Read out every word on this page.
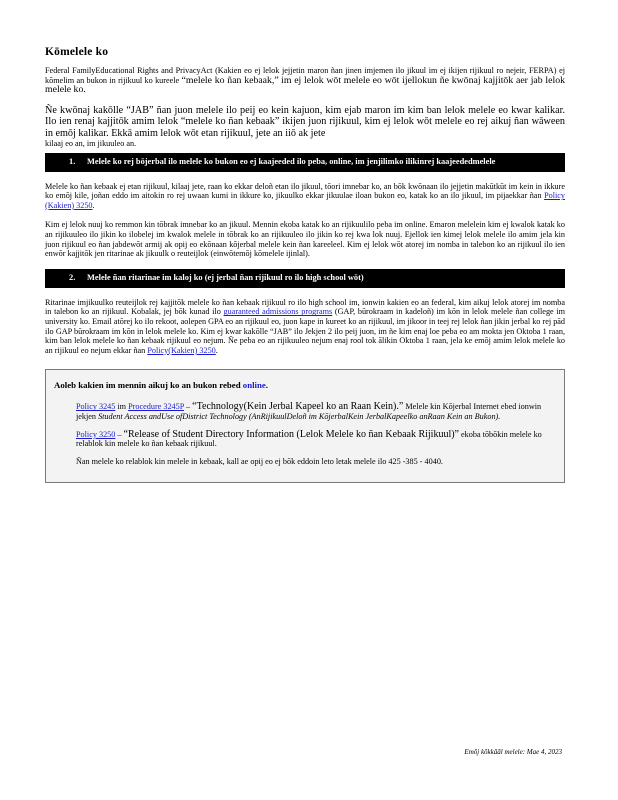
Kōmelele ko

Federal FamilyEducational Rights and PrivacyAct (Kakien eo ej lelok jejjetin maron ñan jinen imjemen ilo jikuul im ej ikijen rijikuul ro nejeir, FERPA) ej kōmelim an bukon in rijikuul ko kureele “melele ko ñan kebaak,” im ej lelok wōt melele eo wōt ijellokun ñe kwōnaj kajjitōk aer jab lelok melele ko.

Ñe kwōnaj kakōlle “JAB” ñan juon melele ilo peij eo kein kajuon, kim ejab maron im kim ban lelok melele eo kwar kalikar. Ilo ien renaj kajjitōk amim lelok “melele ko ñan kebaak” ikijen juon rijikuul, kim ej lelok wōt melele eo rej aikuj ñan wāween in emōj kalikar. Ekkā amim lelok wōt etan rijikuul, jete an iiō ak jete

kilaaj eo an, im jikuuleo an.

1.	Melele ko rej bōjerbal ilo melele ko bukon eo ej kaajeeded ilo peba, online, im jenjilimko ilikinrej kaajeededmelele

Melele ko ñan kebaak ej etan rijikuul, kilaaj jete, raan ko ekkar deloñ etan ilo jikuul, tōori imnebar ko, an bōk kwōnaan ilo jejjetin makūtkūt im kein in ikkure ko emōj kile, joñan eddo im aitokin ro rej uwaan kumi in ikkure ko, jikuulko ekkar jikuulae iloan bukon eo, katak ko an ilo jikuul, im pijaekkar ñan Policy (Kakien) 3250.

Kim ej lelok nuuj ko remmon kin tōbrak imnebar ko an jikuul. Mennin ekoba katak ko an rijikuulilo peba im online. Emaron melelein kim ej kwalok katak ko an rijikuuleo ilo jikin ko ilobelej im kwalok melele in tōbrak ko an rijikuuleo ilo jikin ko rej kwa lok nuuj. Ejellok ien kimej lelok melele ilo amim jela kin juon rijikuul eo ñan jabdewōt armij ak opij eo ekōnaan kōjerbal melele kein ñan kareeleel. Kim ej lelok wōt atorej im nomba in talebon ko an rijikuul ilo ien enwōr kajjitōk jen ritarinae ak jikuulk o reuteijlok (einwōtemōj kōmelele ijinlal).

2.	Melele ñan ritarinae im kaloj ko (ej jerbal ñan rijikuul ro ilo high school wōt)

Ritarinae imjikuulko reuteijlok rej kajjitōk melele ko ñan kebaak rijikuul ro ilo high school im, ionwin kakien eo an federal, kim aikuj lelok atorej im nomba in talebon ko an rijikuul. Kobalak, jej bōk kunad ilo guaranteed admissions programs (GAP, būrokraam in kadeloñ) im kōn in lelok melele ñan college im university ko. Email atōrej ko ilo rekoot, aolepen GPA eo an rijikuul eo, juon kape in kureet ko an rijikuul, im jikoor in teej rej lelok ñan jikin jerbal ko rej pād ilo GAP būrokraam im kōn in lelok melele ko. Kim ej kwar kakōlle “JAB” ilo Jekjen 2 ilo peij juon, im ñe kim enaj loe peba eo am mokta jen Oktoba 1 raan, kim ban lelok melele ko ñan kebaak rijikuul eo nejum. Ñe peba eo an rijikuuleo nejum enaj rool tok ālikin Oktoba 1 raan, jela ke emōj amim lelok melele ko an rijikuul eo nejum ekkar ñan Policy(Kakien) 3250.

Aoleb kakien im mennin aikuj ko an bukon rebed online.
Policy 3245 im Procedure 3245P – “Technology(Kein Jerbal Kapeel ko an Raan Kein).” Melele kin Kōjerbal Internet ebed ionwin jekjen Student Access andUse ofDistrict Technology (AnRijikuulDeloñ im KōjerbalKein JerbalKapeelko anRaan Kein an Bukon).
Policy 3250 – “Release of Student Directory Information (Lelok Melele ko ñan Kebaak Rijikuul)” ekoba tōbōkin melele ko relablok kin melele ko ñan kebaak rijikuul.
Ñan melele ko relablok kin melele in kebaak, kall ae opij eo ej bōk eddoin leto letak melele ilo 425 -385 - 4040.
Emōj kōkkāāl melele: Mae 4, 2023
